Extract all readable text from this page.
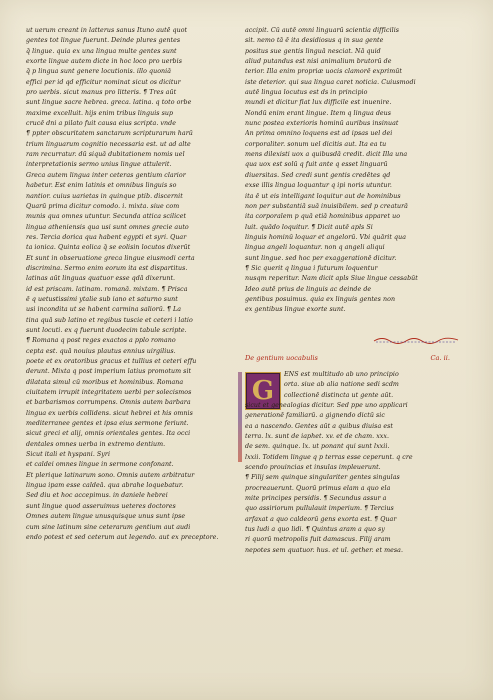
ut uerum creant in latterus sanus Ituno autē quot
gentes tot lingue fuerunt. Deinde plures gentes
q̄ lingue. quia ex una lingua multe gentes sunt
exorte lingue autem dicte in hoc loco pro uerbis
q̄ p lingua sunt genere locutionis. illo quoniā
effici per id qd efficitur nominat sicut os dicitur
pro uerbis. sicut manus pro litteris. ¶ Tres aūt
sunt lingue sacre hebrea. greca. latina. q toto orbe
maxime excelluit. hijs enim tribus linguis sup
crucē dni a pilato fuit causa eius scripta. vnde
¶ ppter obscuritatem sanctarum scripturarum harū
trium linguarum cognitio necessaria est. ut ad alte
ram recurratur. dū siquā dubitationem nomis uel
interpretationis sermo unius lingue attulerit.
Greca autem lingua inter ceteras gentium clarior
habetur. Est enim latinis et omnibus linguis so
nantior. cuius uarietas in quinque ptib. discernit
Quarū prima dicitur comodo. i. mixta. siue com
munis qua omnes utuntur. Secunda attica scilicet
lingua atheniensis qua usi sunt omnes grecie auto
res. Tercia dorica qua habent egypti et syri. Quar
ta ionica. Quinta eolica q̄ se eolisin locutos dixerūt
Et sunt in obseruatione greca lingue eiusmodi certa
discrimina. Sermo enim eorum ita est dispartitus.
latinas aūt linguas quatuor esse qdā dixerunt.
id est priscam. latinam. romanā. mixtam. ¶ Prisca
ē q uetustissimi ytalie sub iano et saturno sunt
usi incondita ut se habent carmina saliorū. ¶ La
tina quā sub latino et regibus tuscie et ceteri i latio
sunt locuti. ex q fuerunt duodecim tabule scripte.
¶ Romana q post reges exactos a pplo romano
cepta est. quā nouius plautus ennius uirgilius.
poete et ex oratoribus gracus et tullius et ceteri effu
derunt. Mixta q post imperium latius promotum sit
dilatata simul cū moribus et hominibus. Romana
ciuitatem irrupit integritatem uerbi per solecismos
et barbarismos corrumpens. Omnis autem barbara
lingua ex uerbis collidens. sicut hebrei et his omnis
mediterranee gentes et ipsa eius sermone feriunt.
sicut greci et alij, omnis orientales gentes. Ita occi
dentales omnes uerba in extremo dentium.
Sicut itali et hyspani. Syri
et caldei omnes lingue in sermone confonant.
Et plerique latinarum sono. Omnis autem arbitratur
lingua ipam esse caldeā. qua abrahe loquebatur.
Sed diu et hoc accepimus. in daniele hebrei
sunt lingue quod asseruimus ueteres doctores
Omnes autem lingue unusquisque unus sunt ipse
cum sine latinum sine ceterarum gentium aut audi
endo potest et sed ceterum aut legendo. aut ex preceptore.
accipit. Cū autē omni linguarū scientia difficilis
sit. nemo tā ē ita desidiosus q in sua gente
positus sue gentis linguā nesciat. Nā quid
aliud putandus est nisi animalium brutorū de
terior. Illa enim propriæ uocis clamorē exprimūt
iste deterior. qui sua lingua caret noticia. Cuiusmodi
autē lingua locutus est ds in principio
mundi et dicitur fiat lux difficile est inuenire.
Nondū enim erant lingue. Item q lingua deus
nunc postea exterioris hominū auribus insinuat
An prima omnino loquens est ad ipsas uel dei
corporaliter. sonum uel dicitis aut. Ita ea tu
mens dilexisti uox a quibusdā credit. dicit Illa una
qua uox est solū q fuit ante q esset linguarū
diuersitas. Sed credi sunt gentis credētes qd
exse illis lingua loquantur q ipi noris utuntur.
ita ē ut eis intelligant loquitur aut de hominibus
non per substantiā suā inuisibilem. sed p creaturā
ita corporalem p quā etiā hominibus apparet uo
luit. quādo loquitur. ¶ Dicit autē apls Si
linguis hominū loquar et angelorū. Vbi quārit qua
lingua angeli loquantur. non q angeli aliqui
sunt lingue. sed hoc per exaggerationē dicitur.
¶ Sic querit q lingua i futurum loquentur
nusqm reperitur. Nam dicit apls Siue lingue cessabūt
Ideo autē prius de linguis ac deinde de
gentibus posuimus. quia ex linguis gentes non
ex gentibus lingue exorte sunt.
De gentium uocabulis	Ca. ii.
G
ENS est multitudo ab uno principio
orta. siue ab alia natione sedi scdm
collectionē distincta ut gente aūt.
sicut et genealogias dicitur. Sed ppe uno applicari
generationē familiarū. a gignendo dictū sic
ea a nascendo. Gentes aūt a quibus diuisa est
terra. lx. sunt de iaphet. xv. et de cham. xxx.
de sem. quinque. lx. ut ponant qui sunt lxxii.
lxxii. Totidem lingue q p terras esse ceperunt. q cre
scendo prouincias et insulas impleuerunt.
¶ Filij sem quinque singulariter gentes singulas
procreauerunt. Quorū primus elam a quo ela
mite principes persidis. ¶ Secundus assur a
quo assiriorum pullulauit imperium. ¶ Tercius
arfaxat a quo caldeorū gens exorta est. ¶ Quar
tus ludi a quo lidi. ¶ Quintus aram a quo sy
ri quorū metropolis fuit damascus. Filij aram
nepotes sem quatuor. hus. et ul. gether. et mesa.
